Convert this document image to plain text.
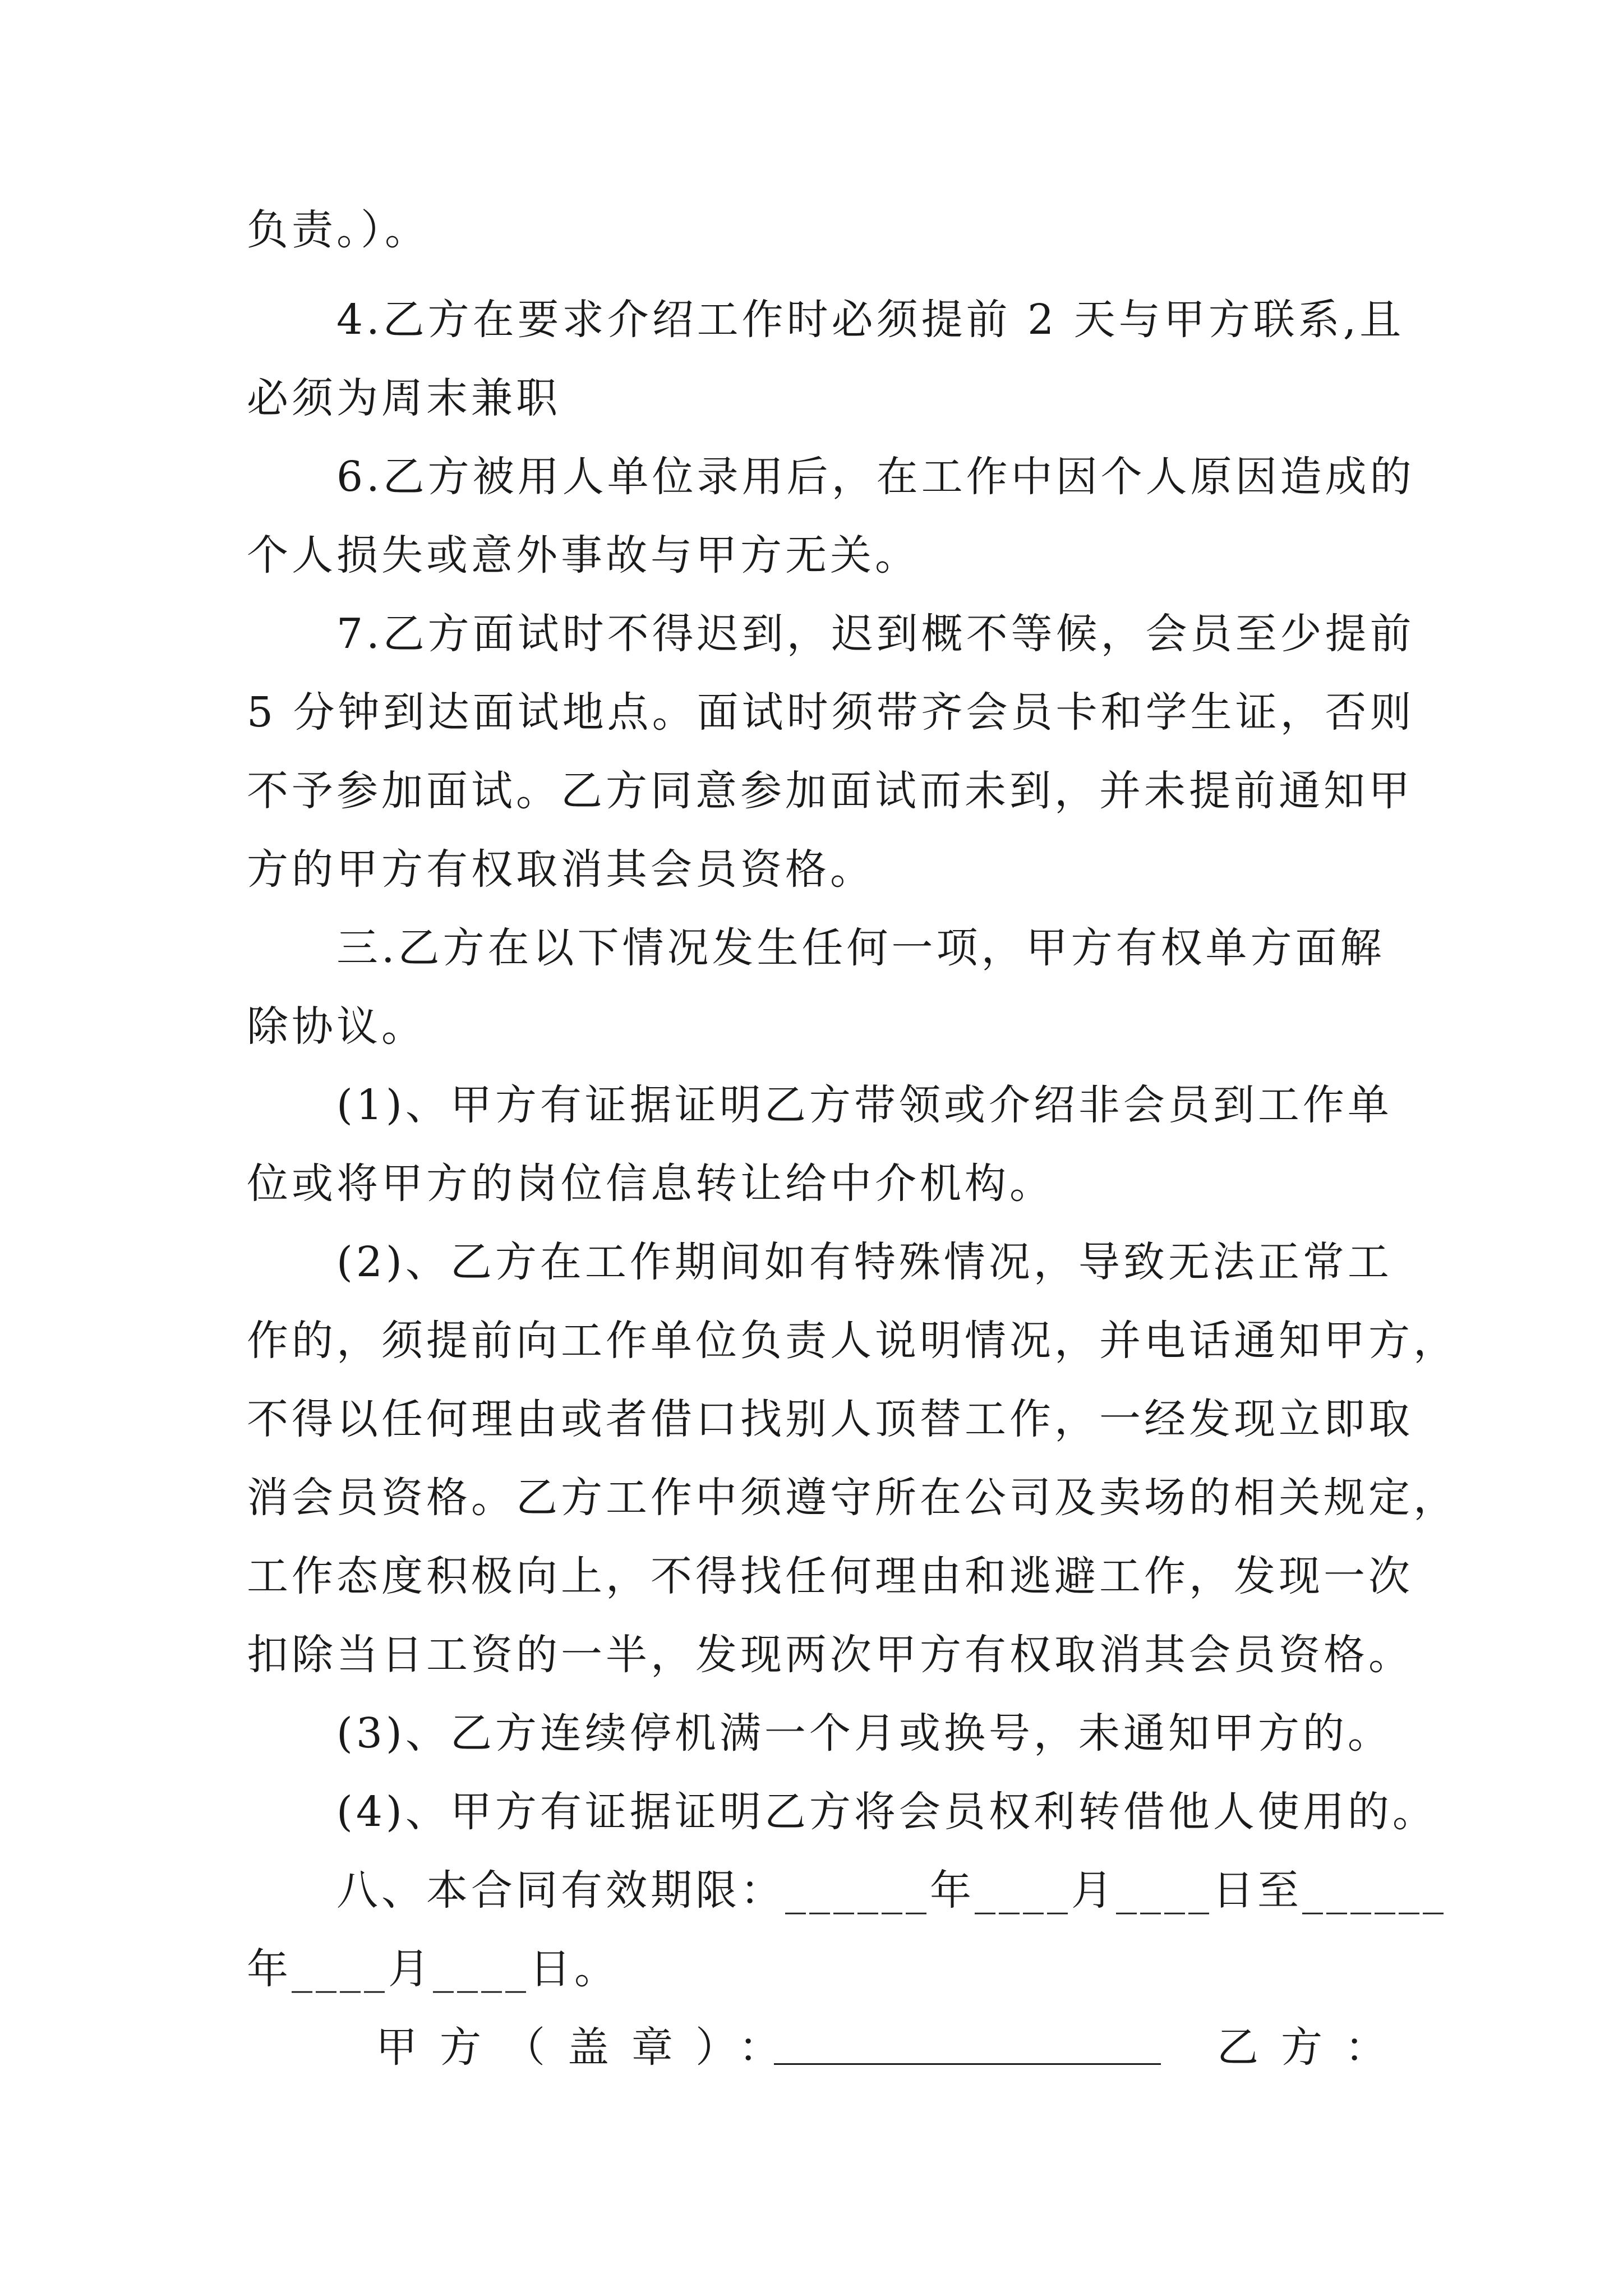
负责。）。
4.乙方在要求介绍工作时必须提前 2 天与甲方联系,且
必须为周末兼职
6.乙方被用人单位录用后，在工作中因个人原因造成的
个人损失或意外事故与甲方无关。
7.乙方面试时不得迟到，迟到概不等候，会员至少提前
5 分钟到达面试地点。面试时须带齐会员卡和学生证，否则
不予参加面试。乙方同意参加面试而未到，并未提前通知甲
方的甲方有权取消其会员资格。
三.乙方在以下情况发生任何一项，甲方有权单方面解
除协议。
(1)、甲方有证据证明乙方带领或介绍非会员到工作单
位或将甲方的岗位信息转让给中介机构。
(2)、乙方在工作期间如有特殊情况，导致无法正常工
作的，须提前向工作单位负责人说明情况，并电话通知甲方，
不得以任何理由或者借口找别人顶替工作，一经发现立即取
消会员资格。乙方工作中须遵守所在公司及卖场的相关规定，
工作态度积极向上，不得找任何理由和逃避工作，发现一次
扣除当日工资的一半，发现两次甲方有权取消其会员资格。
(3)、乙方连续停机满一个月或换号，未通知甲方的。
(4)、甲方有证据证明乙方将会员权利转借他人使用的。
八、本合同有效期限：______年____月____日至______
年____月____日。
甲方（盖章）：	乙方：
